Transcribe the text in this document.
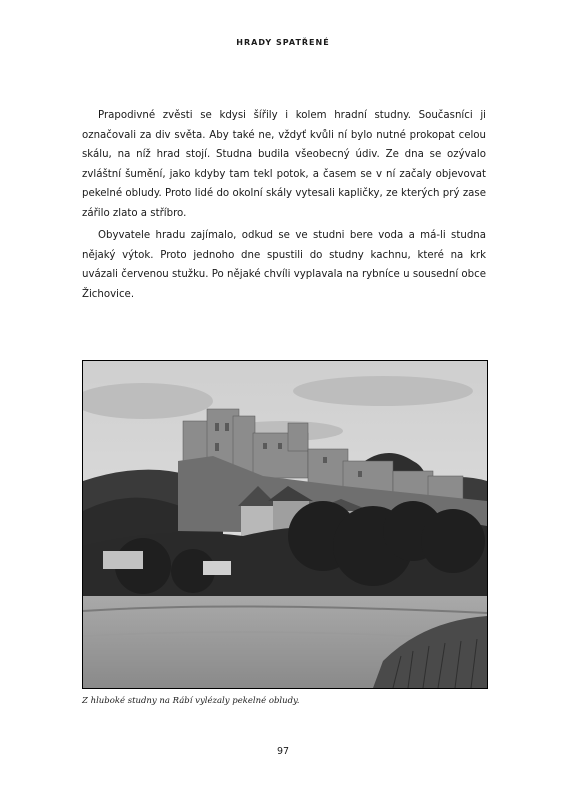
HRADY SPATŘENÉ

Prapodivné zvěsti se kdysi šířily i kolem hradní studny. Současníci ji označovali za div světa. Aby také ne, vždyť kvůli ní bylo nutné prokopat celou skálu, na níž hrad stojí. Studna budila všeobecný údiv. Ze dna se ozývalo zvláštní šumění, jako kdyby tam tekl potok, a časem se v ní začaly objevovat pekelné obludy. Proto lidé do okolní skály vytesali kapličky, ze kterých prý zase zářilo zlato a stříbro.

Obyvatele hradu zajímalo, odkud se ve studni bere voda a má-li studna nějaký výtok. Proto jednoho dne spustili do studny kachnu, které na krk uvázali červenou stužku. Po nějaké chvíli vyplavala na rybníce u sousední obce Žichovice.

Z hluboké studny na Rábí vylézaly pekelné obludy.
97
